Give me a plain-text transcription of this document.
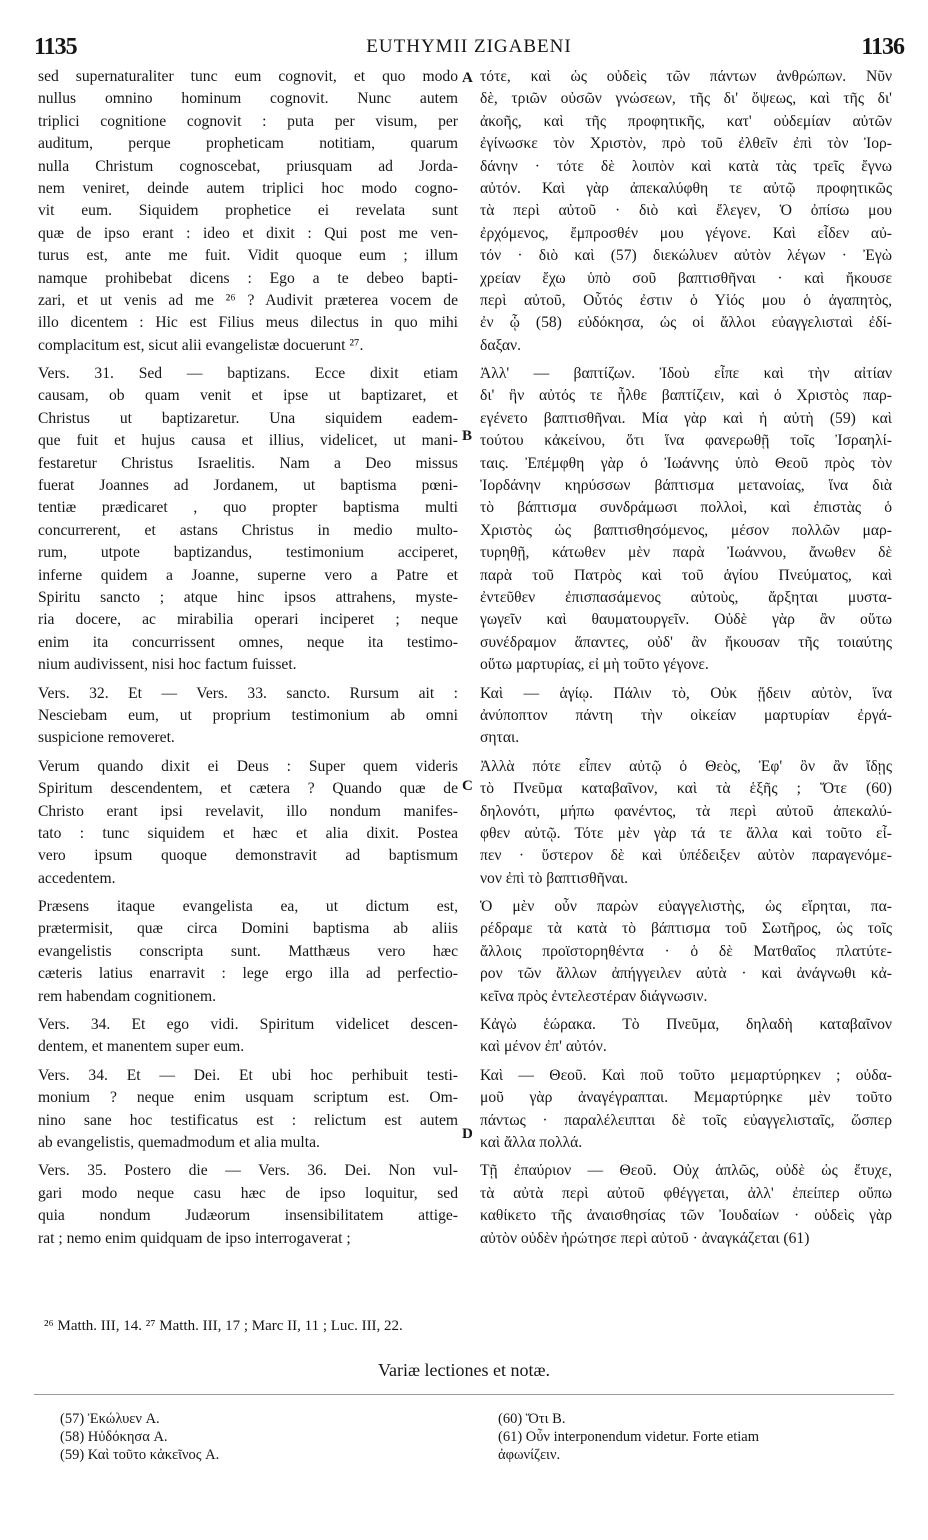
1135	EUTHYMII ZIGABENI	1136
A
B
C
D
sed supernaturaliter tunc eum cognovit, et quo modo
nullus omnino hominum cognovit. Nunc autem
triplici cognitione cognovit : puta per visum, per
auditum, perque propheticam notitiam, quarum
nulla Christum cognoscebat, priusquam ad Jorda-
nem veniret, deinde autem triplici hoc modo cogno-
vit eum. Siquidem prophetice ei revelata sunt
quæ de ipso erant : ideo et dixit : Qui post me ven-
turus est, ante me fuit. Vidit quoque eum ; illum
namque prohibebat dicens : Ego a te debeo bapti-
zari, et ut venis ad me ²⁶ ? Audivit præterea vocem de
illo dicentem : Hic est Filius meus dilectus in quo mihi
complacitum est, sicut alii evangelistæ docuerunt ²⁷.
Vers. 31. Sed — baptizans. Ecce dixit etiam
causam, ob quam venit et ipse ut baptizaret, et
Christus ut baptizaretur. Una siquidem eadem-
que fuit et hujus causa et illius, videlicet, ut mani-
festaretur Christus Israelitis. Nam a Deo missus
fuerat Joannes ad Jordanem, ut baptisma pœni-
tentiæ prædicaret , quo propter baptisma multi
concurrerent, et astans Christus in medio multo-
rum, utpote baptizandus, testimonium acciperet,
inferne quidem a Joanne, superne vero a Patre et
Spiritu sancto ; atque hinc ipsos attrahens, myste-
ria docere, ac mirabilia operari inciperet ; neque
enim ita concurrissent omnes, neque ita testimo-
nium audivissent, nisi hoc factum fuisset.
Vers. 32. Et — Vers. 33. sancto. Rursum ait :
Nesciebam eum, ut proprium testimonium ab omni
suspicione removeret.
Verum quando dixit ei Deus : Super quem videris
Spiritum descendentem, et cætera ? Quando quæ de
Christo erant ipsi revelavit, illo nondum manifes-
tato : tunc siquidem et hæc et alia dixit. Postea
vero ipsum quoque demonstravit ad baptismum
accedentem.
Præsens itaque evangelista ea, ut dictum est,
prætermisit, quæ circa Domini baptisma ab aliis
evangelistis conscripta sunt. Matthæus vero hæc
cæteris latius enarravit : lege ergo illa ad perfectio-
rem habendam cognitionem.
Vers. 34. Et ego vidi. Spiritum videlicet descen-
dentem, et manentem super eum.
Vers. 34. Et — Dei. Et ubi hoc perhibuit testi-
monium ? neque enim usquam scriptum est. Om-
nino sane hoc testificatus est : relictum est autem
ab evangelistis, quemadmodum et alia multa.
Vers. 35. Postero die — Vers. 36. Dei. Non vul-
gari modo neque casu hæc de ipso loquitur, sed
quia nondum Judæorum insensibilitatem attige-
rat ; nemo enim quidquam de ipso interrogaverat ;
τότε, καὶ ὡς οὐδεὶς τῶν πάντων ἀνθρώπων. Νῦν
δὲ, τριῶν οὐσῶν γνώσεων, τῆς δι' ὄψεως, καὶ τῆς δι'
ἀκοῆς, καὶ τῆς προφητικῆς, κατ' οὐδεμίαν αὐτῶν
ἐγίνωσκε τὸν Χριστὸν, πρὸ τοῦ ἐλθεῖν ἐπὶ τὸν Ἰορ-
δάνην · τότε δὲ λοιπὸν καὶ κατὰ τὰς τρεῖς ἔγνω
αὐτόν. Καὶ γὰρ ἀπεκαλύφθη τε αὐτῷ προφητικῶς
τὰ περὶ αὐτοῦ · διὸ καὶ ἔλεγεν, Ὁ ὀπίσω μου
ἐρχόμενος, ἔμπροσθέν μου γέγονε. Καὶ εἶδεν αὐ-
τόν · διὸ καὶ (57) διεκώλυεν αὐτὸν λέγων · Ἐγὼ
χρείαν ἔχω ὑπὸ σοῦ βαπτισθῆναι · καὶ ἤκουσε
περὶ αὐτοῦ, Οὗτός ἐστιν ὁ Υἱός μου ὁ ἀγαπητὸς,
ἐν ᾧ (58) εὐδόκησα, ὡς οἱ ἄλλοι εὐαγγελισταὶ ἐδί-
δαξαν.
Ἀλλ' — βαπτίζων. Ἰδοὺ εἶπε καὶ τὴν αἰτίαν
δι' ἣν αὐτός τε ἦλθε βαπτίζειν, καὶ ὁ Χριστὸς παρ-
εγένετο βαπτισθῆναι. Μία γὰρ καὶ ἡ αὐτὴ (59) καὶ
τούτου κἀκείνου, ὅτι ἵνα φανερωθῇ τοῖς Ἰσραηλί-
ταις. Ἐπέμφθη γὰρ ὁ Ἰωάννης ὑπὸ Θεοῦ πρὸς τὸν
Ἰορδάνην κηρύσσων βάπτισμα μετανοίας, ἵνα διὰ
τὸ βάπτισμα συνδράμωσι πολλοὶ, καὶ ἐπιστὰς ὁ
Χριστὸς ὡς βαπτισθησόμενος, μέσον πολλῶν μαρ-
τυρηθῇ, κάτωθεν μὲν παρὰ Ἰωάννου, ἄνωθεν δὲ
παρὰ τοῦ Πατρὸς καὶ τοῦ ἁγίου Πνεύματος, καὶ
ἐντεῦθεν ἐπισπασάμενος αὐτοὺς, ἄρξηται μυστα-
γωγεῖν καὶ θαυματουργεῖν. Οὐδὲ γὰρ ἂν οὕτω
συνέδραμον ἅπαντες, οὐδ' ἂν ἤκουσαν τῆς τοιαύτης
οὕτω μαρτυρίας, εἰ μὴ τοῦτο γέγονε.
Καὶ — ἁγίῳ. Πάλιν τὸ, Οὐκ ᾔδειν αὐτὸν, ἵνα
ἀνύποπτον πάντη τὴν οἰκείαν μαρτυρίαν ἐργά-
σηται.
Ἀλλὰ πότε εἶπεν αὐτῷ ὁ Θεὸς, Ἐφ' ὃν ἂν ἴδῃς
τὸ Πνεῦμα καταβαῖνον, καὶ τὰ ἑξῆς ; Ὅτε (60)
δηλονότι, μήπω φανέντος, τὰ περὶ αὐτοῦ ἀπεκαλύ-
φθεν αὐτῷ. Τότε μὲν γὰρ τά τε ἄλλα καὶ τοῦτο εἶ-
πεν · ὕστερον δὲ καὶ ὑπέδειξεν αὐτὸν παραγενόμε-
νον ἐπὶ τὸ βαπτισθῆναι.
Ὁ μὲν οὖν παρὼν εὐαγγελιστὴς, ὡς εἴρηται, πα-
ρέδραμε τὰ κατὰ τὸ βάπτισμα τοῦ Σωτῆρος, ὡς τοῖς
ἄλλοις προϊστορηθέντα · ὁ δὲ Ματθαῖος πλατύτε-
ρον τῶν ἄλλων ἀπήγγειλεν αὐτὰ · καὶ ἀνάγνωθι κἀ-
κεῖνα πρὸς ἐντελεστέραν διάγνωσιν.
Κἀγὼ ἑώρακα. Τὸ Πνεῦμα, δηλαδὴ καταβαῖνον
καὶ μένον ἐπ' αὐτόν.
Καὶ — Θεοῦ. Καὶ ποῦ τοῦτο μεμαρτύρηκεν ; οὐδα-
μοῦ γὰρ ἀναγέγραπται. Μεμαρτύρηκε μὲν τοῦτο
πάντως · παραλέλειπται δὲ τοῖς εὐαγγελισταῖς, ὥσπερ
καὶ ἄλλα πολλά.
Τῇ ἐπαύριον — Θεοῦ. Οὐχ ἁπλῶς, οὐδὲ ὡς ἔτυχε,
τὰ αὐτὰ περὶ αὐτοῦ φθέγγεται, ἀλλ' ἐπείπερ οὔπω
καθίκετο τῆς ἀναισθησίας τῶν Ἰουδαίων · οὐδεὶς γὰρ
αὐτὸν οὐδὲν ἠρώτησε περὶ αὐτοῦ · ἀναγκάζεται (61)
²⁶ Matth. III, 14. ²⁷ Matth. III, 17 ; Marc II, 11 ; Luc. III, 22.
Variæ lectiones et notæ.
(57) Ἐκώλυεν A.
(58) Ηὐδόκησα A.
(59) Καὶ τοῦτο κἀκεῖνος A.
(60) Ὅτι B.
(61) Οὖν interponendum videtur. Forte etiam
ἀφωνίζειν.
